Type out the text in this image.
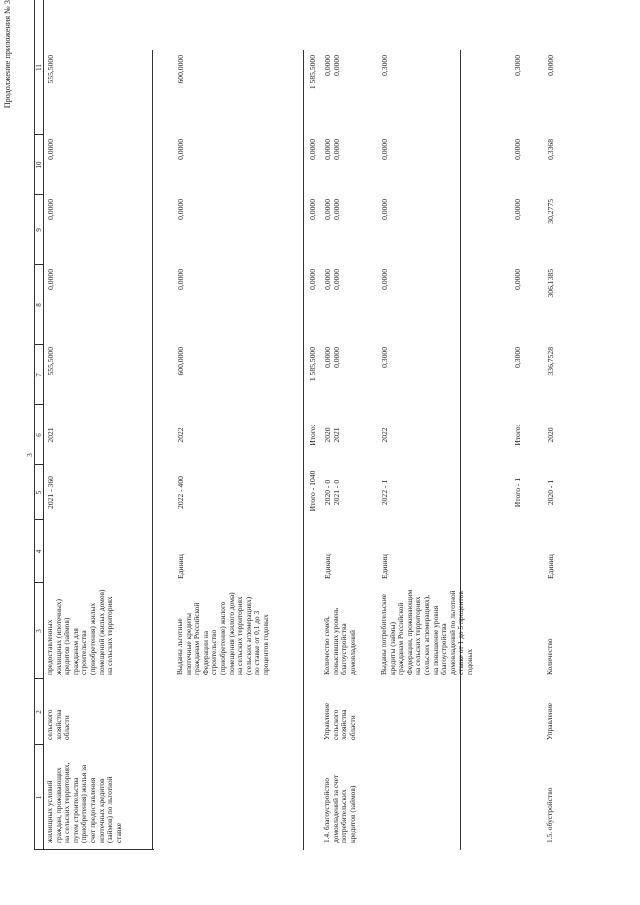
3
Продолжение приложения № 3
1
2
3
4
5
6
7
8
9
10
11
жилищных условий
граждан, проживающих
на сельских территориях,
путем строительства
(приобретения) жилья за
счет предоставления
ипотечных кредитов
(займов) по льготной
ставке
сельского
хозяйства
области
предоставленных
жилищных (ипотечных)
кредитов (займов)
гражданам для
строительства
(приобретения) жилых
помещений (жилых домов)
на сельских территориях
2021 - 360
2021
555,5000
0,0000
0,0000
0,0000
555,5000
Выданы льготные
ипотечные кредиты
гражданам Российской
Федерации на
строительство
(приобретение) жилого
помещения (жилого дома)
на сельских территориях
(сельских агломерациях)
по ставке от 0,1 до 3
процентов годовых
Единиц
2022 - 400
2022
600,0000
0,0000
0,0000
0,0000
600,0000
Итого - 1040
Итого:
1 585,5000
0,0000
0,0000
0,0000
1 585,5000
1.4. благоустройство
домовладений за счет
потребительских
кредитов (займов)
Управление
сельского
хозяйства
области
Количество семей,
повысивших уровень
благоустройства
домовладений
Единиц
2020 - 0
2020
0,0000
0,0000
0,0000
0,0000
0,0000
2021 - 0
2021
0,0000
0,0000
0,0000
0,0000
0,0000
Выданы потребительские
кредиты (займы)
гражданам Российской
Федерации, проживающим
на сельских территориях
(сельских агломерациях),
на повышение уровня
благоустройства
домовладений по льготной
ставке от 1 до 5 процентов
годовых
Единиц
2022 - 1
2022
0,3000
0,0000
0,0000
0,0000
0,3000
Итого - 1
Итого:
0,3000
0,0000
0,0000
0,0000
0,3000
1.5. обустройство
Управление
Количество
Единиц
2020 - 1
2020
336,7528
306,1385
30,2775
0,3368
0,0000
